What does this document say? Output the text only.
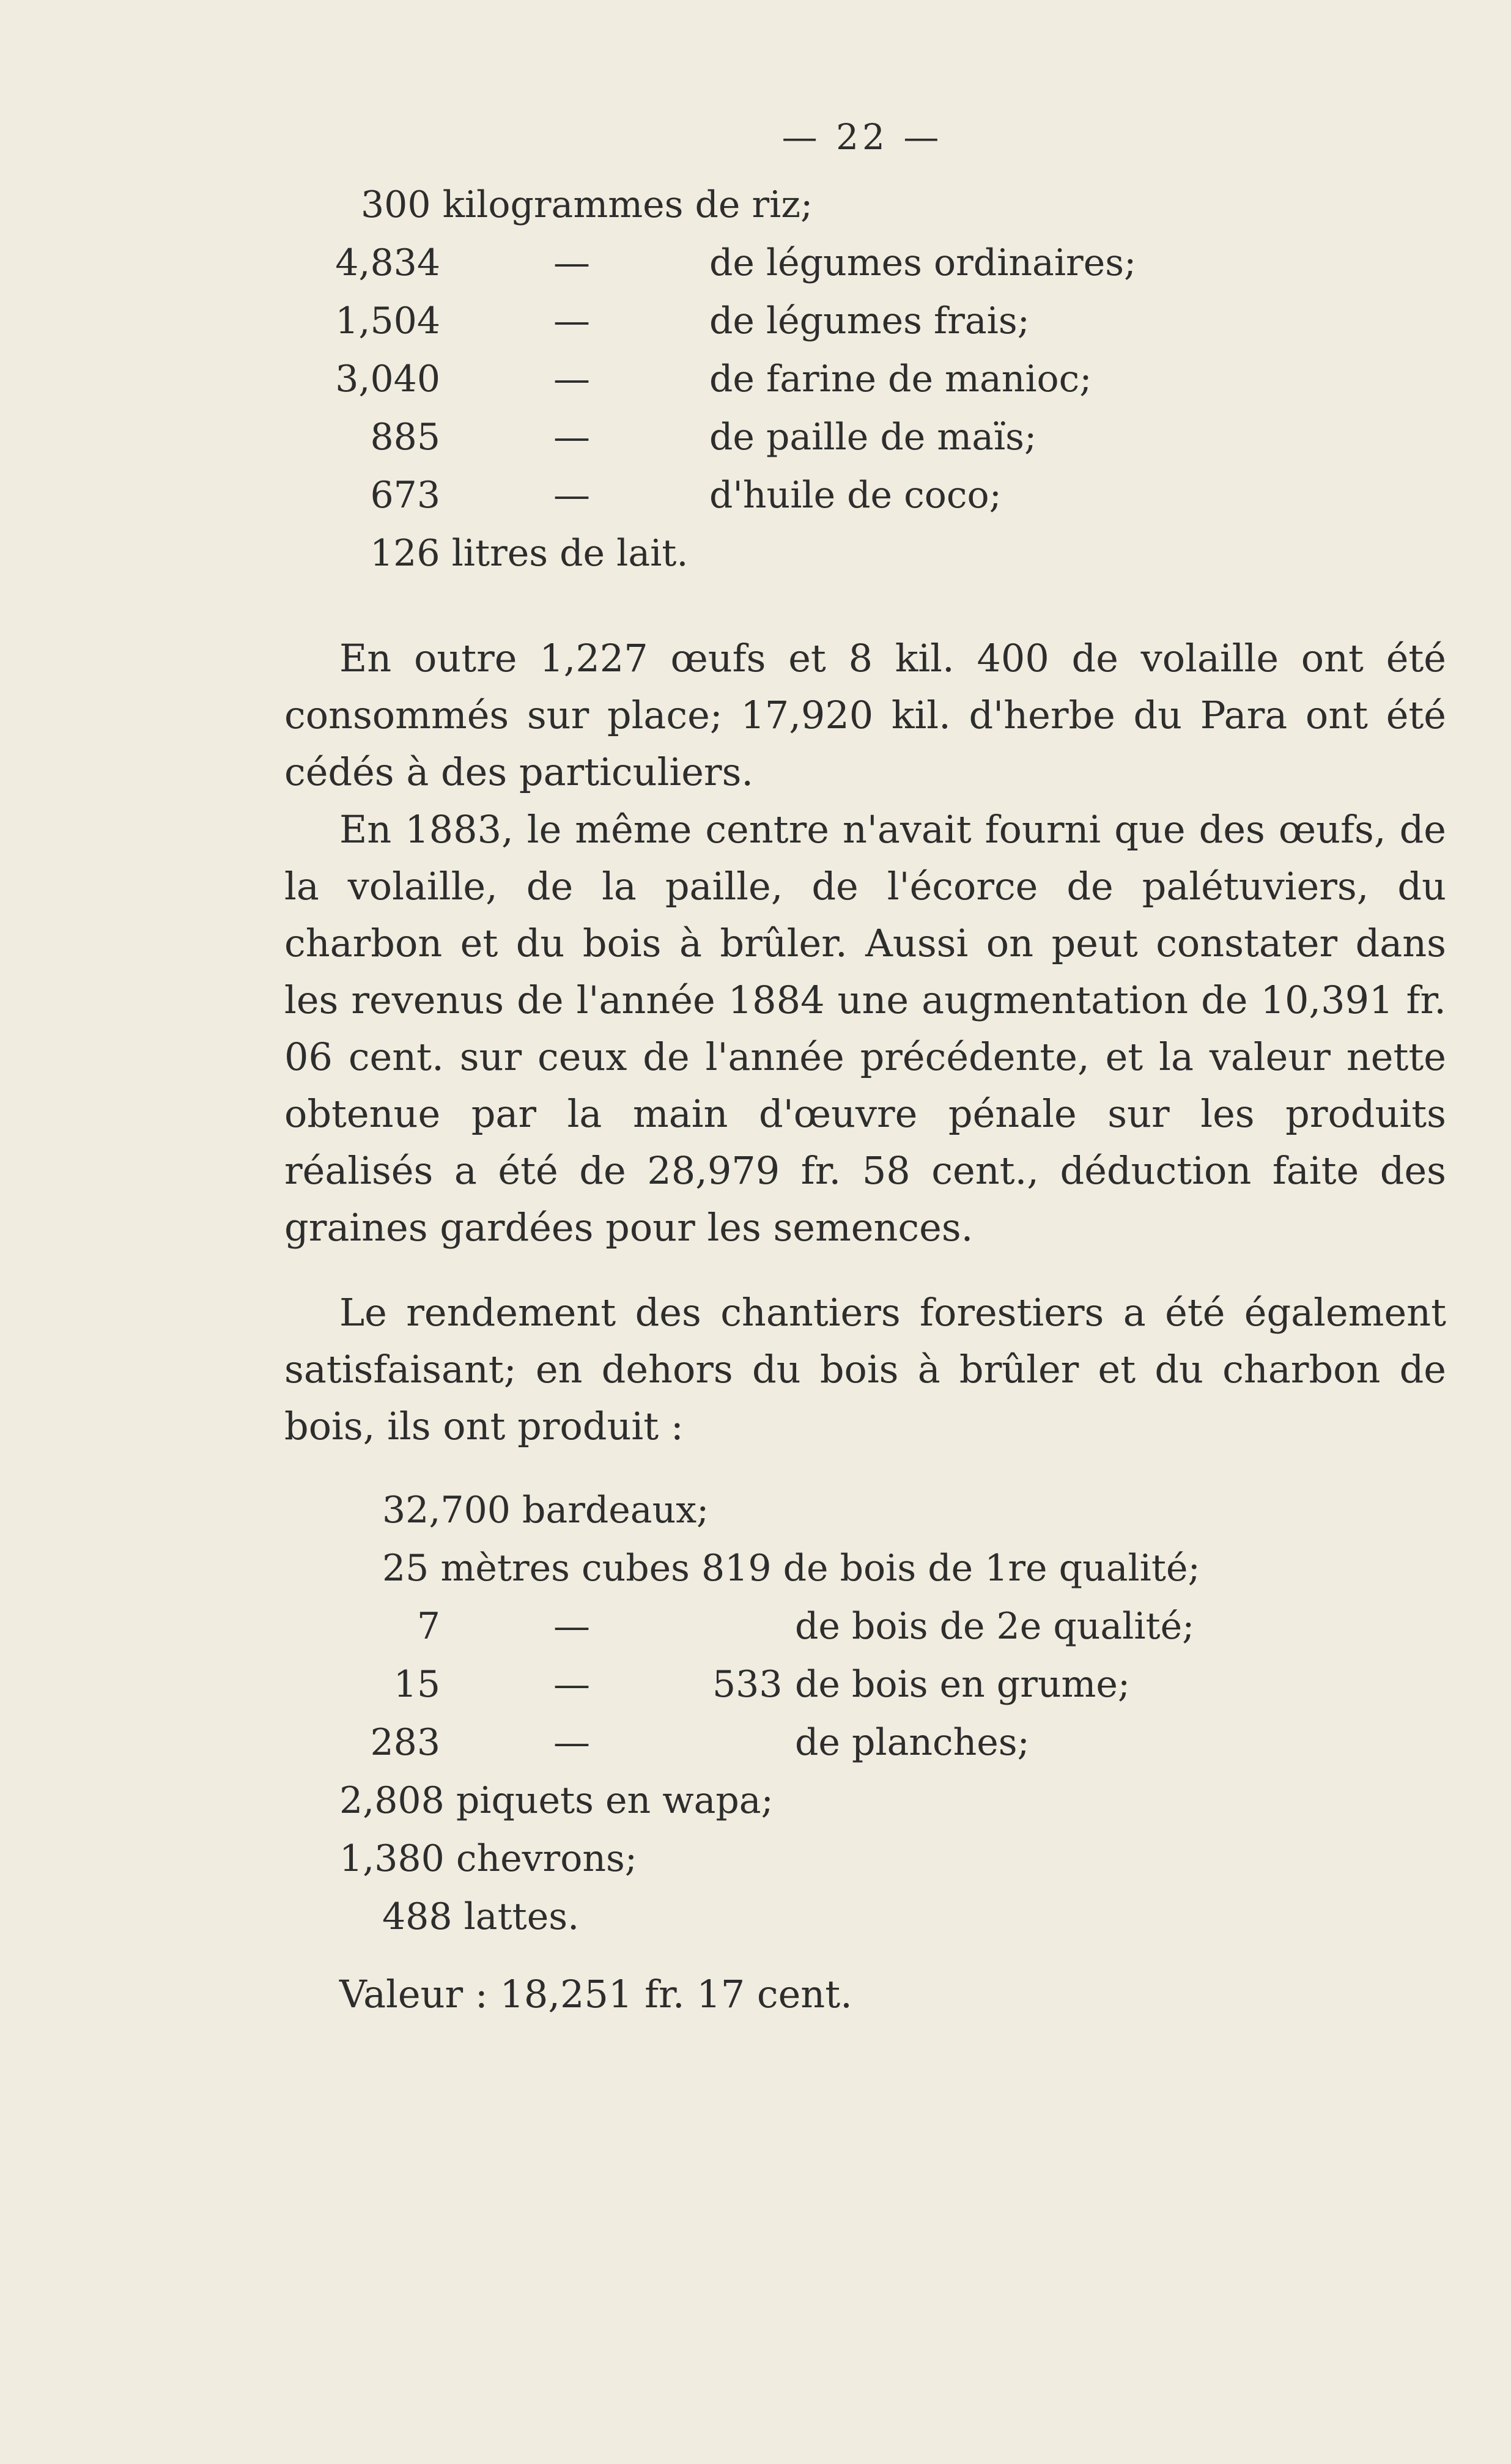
— 22 —
300 kilogrammes de riz;
4,834	—	de légumes ordinaires;
1,504	—	de légumes frais;
3,040	—	de farine de manioc;
885	—	de paille de maïs;
673	—	d'huile de coco;
126 litres de lait.

En outre 1,227 œufs et 8 kil. 400 de volaille ont été consommés sur place; 17,920 kil. d'herbe du Para ont été cédés à des particuliers.

En 1883, le même centre n'avait fourni que des œufs, de la volaille, de la paille, de l'écorce de palétuviers, du charbon et du bois à brûler. Aussi on peut constater dans les revenus de l'année 1884 une augmentation de 10,391 fr. 06 cent. sur ceux de l'année précédente, et la valeur nette obtenue par la main d'œuvre pénale sur les produits réalisés a été de 28,979 fr. 58 cent., déduction faite des graines gardées pour les semences.

Le rendement des chantiers forestiers a été également satisfaisant; en dehors du bois à brûler et du charbon de bois, ils ont produit :

32,700 bardeaux;
25 mètres cubes 819 de bois de 1re qualité;
7	—	de bois de 2e qualité;
15	—	533 de bois en grume;
283	—	de planches;
2,808 piquets en wapa;
1,380 chevrons;
488 lattes.
Valeur : 18,251 fr. 17 cent.
